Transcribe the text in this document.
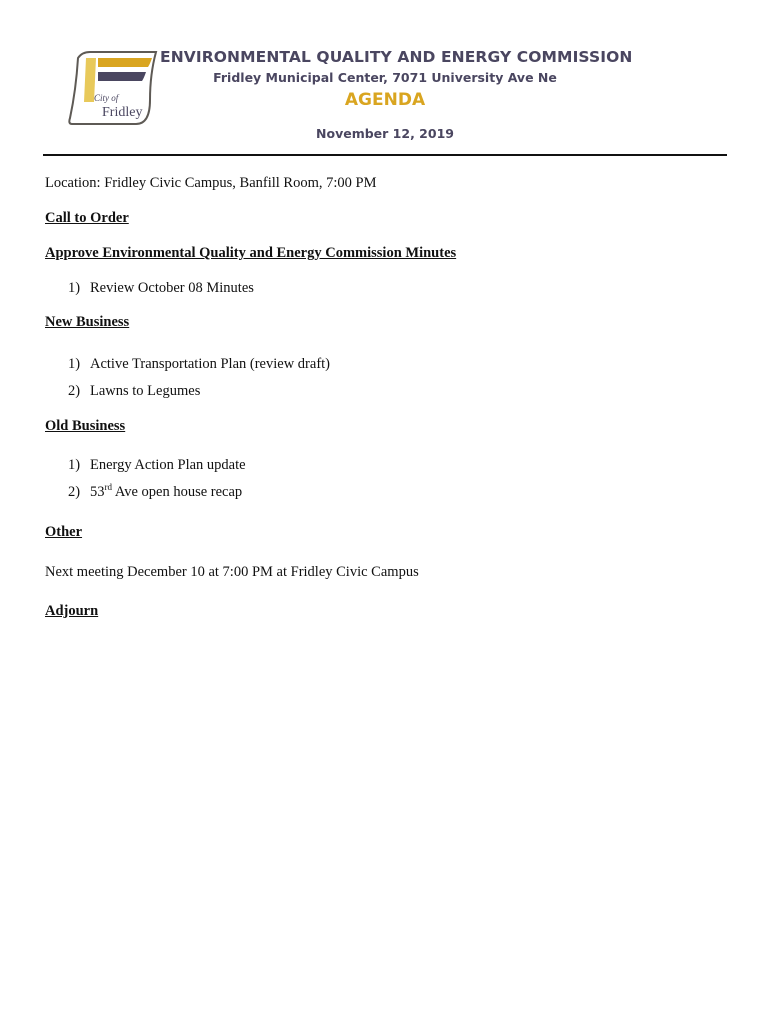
City of
Fridley
ENVIRONMENTAL QUALITY AND ENERGY COMMISSION
Fridley Municipal Center, 7071 University Ave Ne
AGENDA
November 12, 2019
Location: Fridley Civic Campus, Banfill Room, 7:00 PM
Call to Order
Approve Environmental Quality and Energy Commission Minutes
1) Review October 08 Minutes
New Business
1) Active Transportation Plan (review draft)
2) Lawns to Legumes
Old Business
1) Energy Action Plan update
2) 53rd Ave open house recap
Other
Next meeting December 10 at 7:00 PM at Fridley Civic Campus
Adjourn
